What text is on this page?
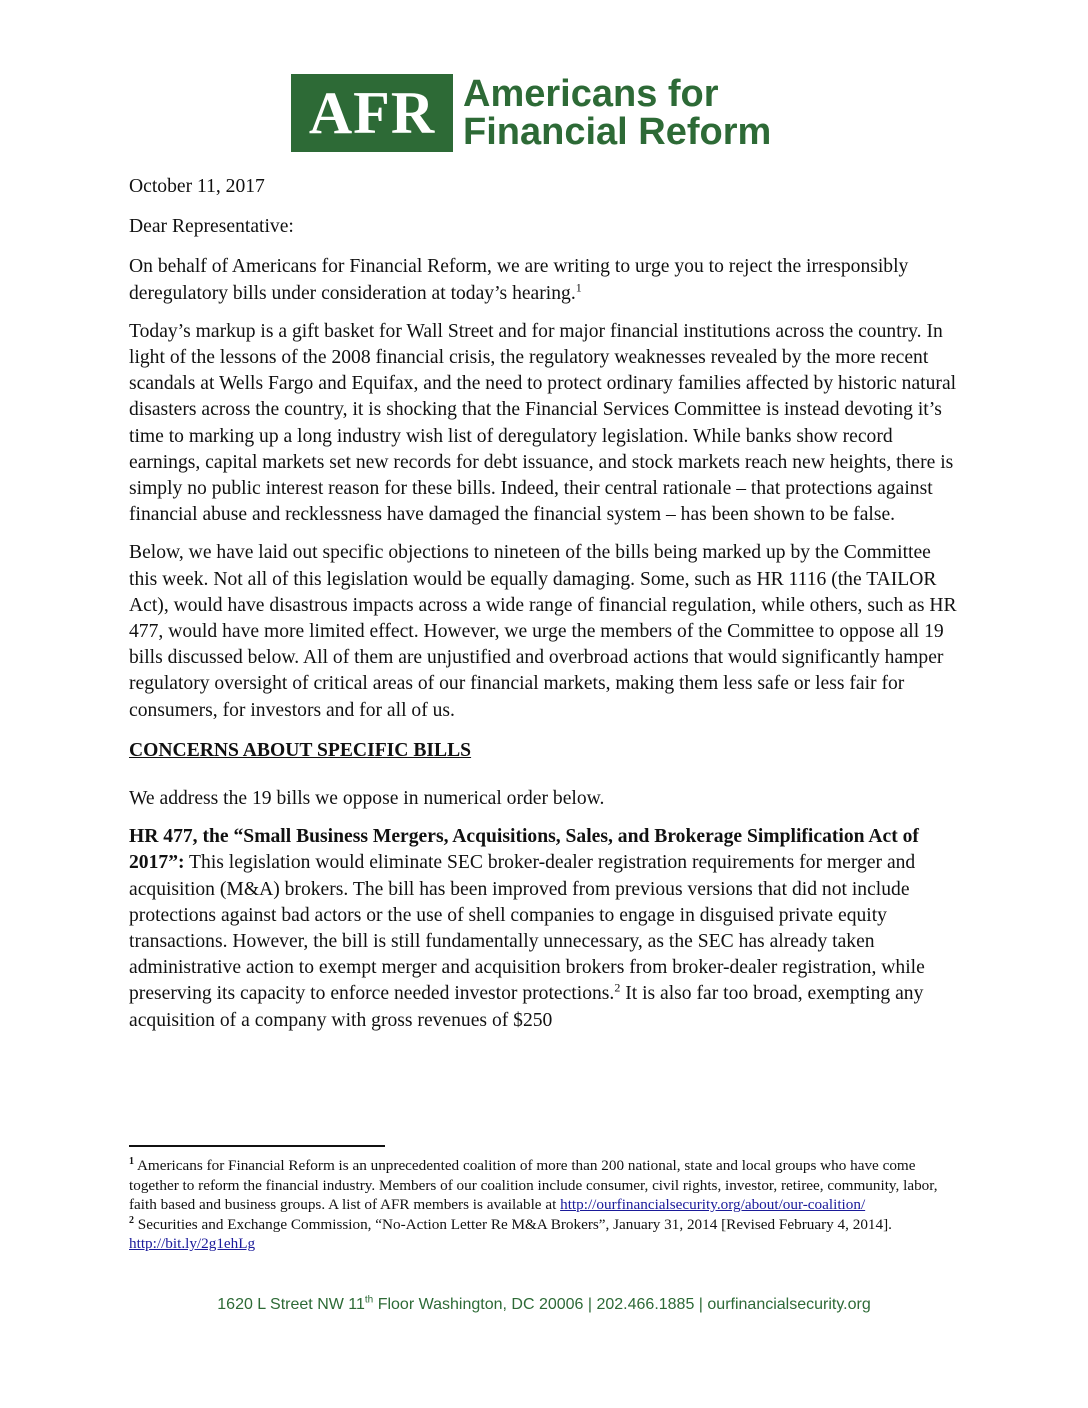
AFR Americans for
Financial Reform

October 11, 2017

Dear Representative:

On behalf of Americans for Financial Reform, we are writing to urge you to reject the irresponsibly deregulatory bills under consideration at today’s hearing.$^1$

Today’s markup is a gift basket for Wall Street and for major financial institutions across the country. In light of the lessons of the 2008 financial crisis, the regulatory weaknesses revealed by the more recent scandals at Wells Fargo and Equifax, and the need to protect ordinary families affected by historic natural disasters across the country, it is shocking that the Financial Services Committee is instead devoting it’s time to marking up a long industry wish list of deregulatory legislation. While banks show record earnings, capital markets set new records for debt issuance, and stock markets reach new heights, there is simply no public interest reason for these bills. Indeed, their central rationale – that protections against financial abuse and recklessness have damaged the financial system – has been shown to be false.

Below, we have laid out specific objections to nineteen of the bills being marked up by the Committee this week. Not all of this legislation would be equally damaging. Some, such as HR 1116 (the TAILOR Act), would have disastrous impacts across a wide range of financial regulation, while others, such as HR 477, would have more limited effect. However, we urge the members of the Committee to oppose all 19 bills discussed below. All of them are unjustified and overbroad actions that would significantly hamper regulatory oversight of critical areas of our financial markets, making them less safe or less fair for consumers, for investors and for all of us.

CONCERNS ABOUT SPECIFIC BILLS

We address the 19 bills we oppose in numerical order below.

HR 477, the “Small Business Mergers, Acquisitions, Sales, and Brokerage Simplification Act of 2017”: This legislation would eliminate SEC broker-dealer registration requirements for merger and acquisition (M&A) brokers. The bill has been improved from previous versions that did not include protections against bad actors or the use of shell companies to engage in disguised private equity transactions. However, the bill is still fundamentally unnecessary, as the SEC has already taken administrative action to exempt merger and acquisition brokers from broker-dealer registration, while preserving its capacity to enforce needed investor protections.$^2$ It is also far too broad, exempting any acquisition of a company with gross revenues of $250

$^1$ Americans for Financial Reform is an unprecedented coalition of more than 200 national, state and local groups who have come together to reform the financial industry. Members of our coalition include consumer, civil rights, investor, retiree, community, labor, faith based and business groups. A list of AFR members is available at http://ourfinancialsecurity.org/about/our-coalition/

$^2$ Securities and Exchange Commission, “No-Action Letter Re M&A Brokers”, January 31, 2014 [Revised February 4, 2014]. http://bit.ly/2g1ehLg

1620 L Street NW 11th Floor Washington, DC 20006 | 202.466.1885 | ourfinancialsecurity.org
